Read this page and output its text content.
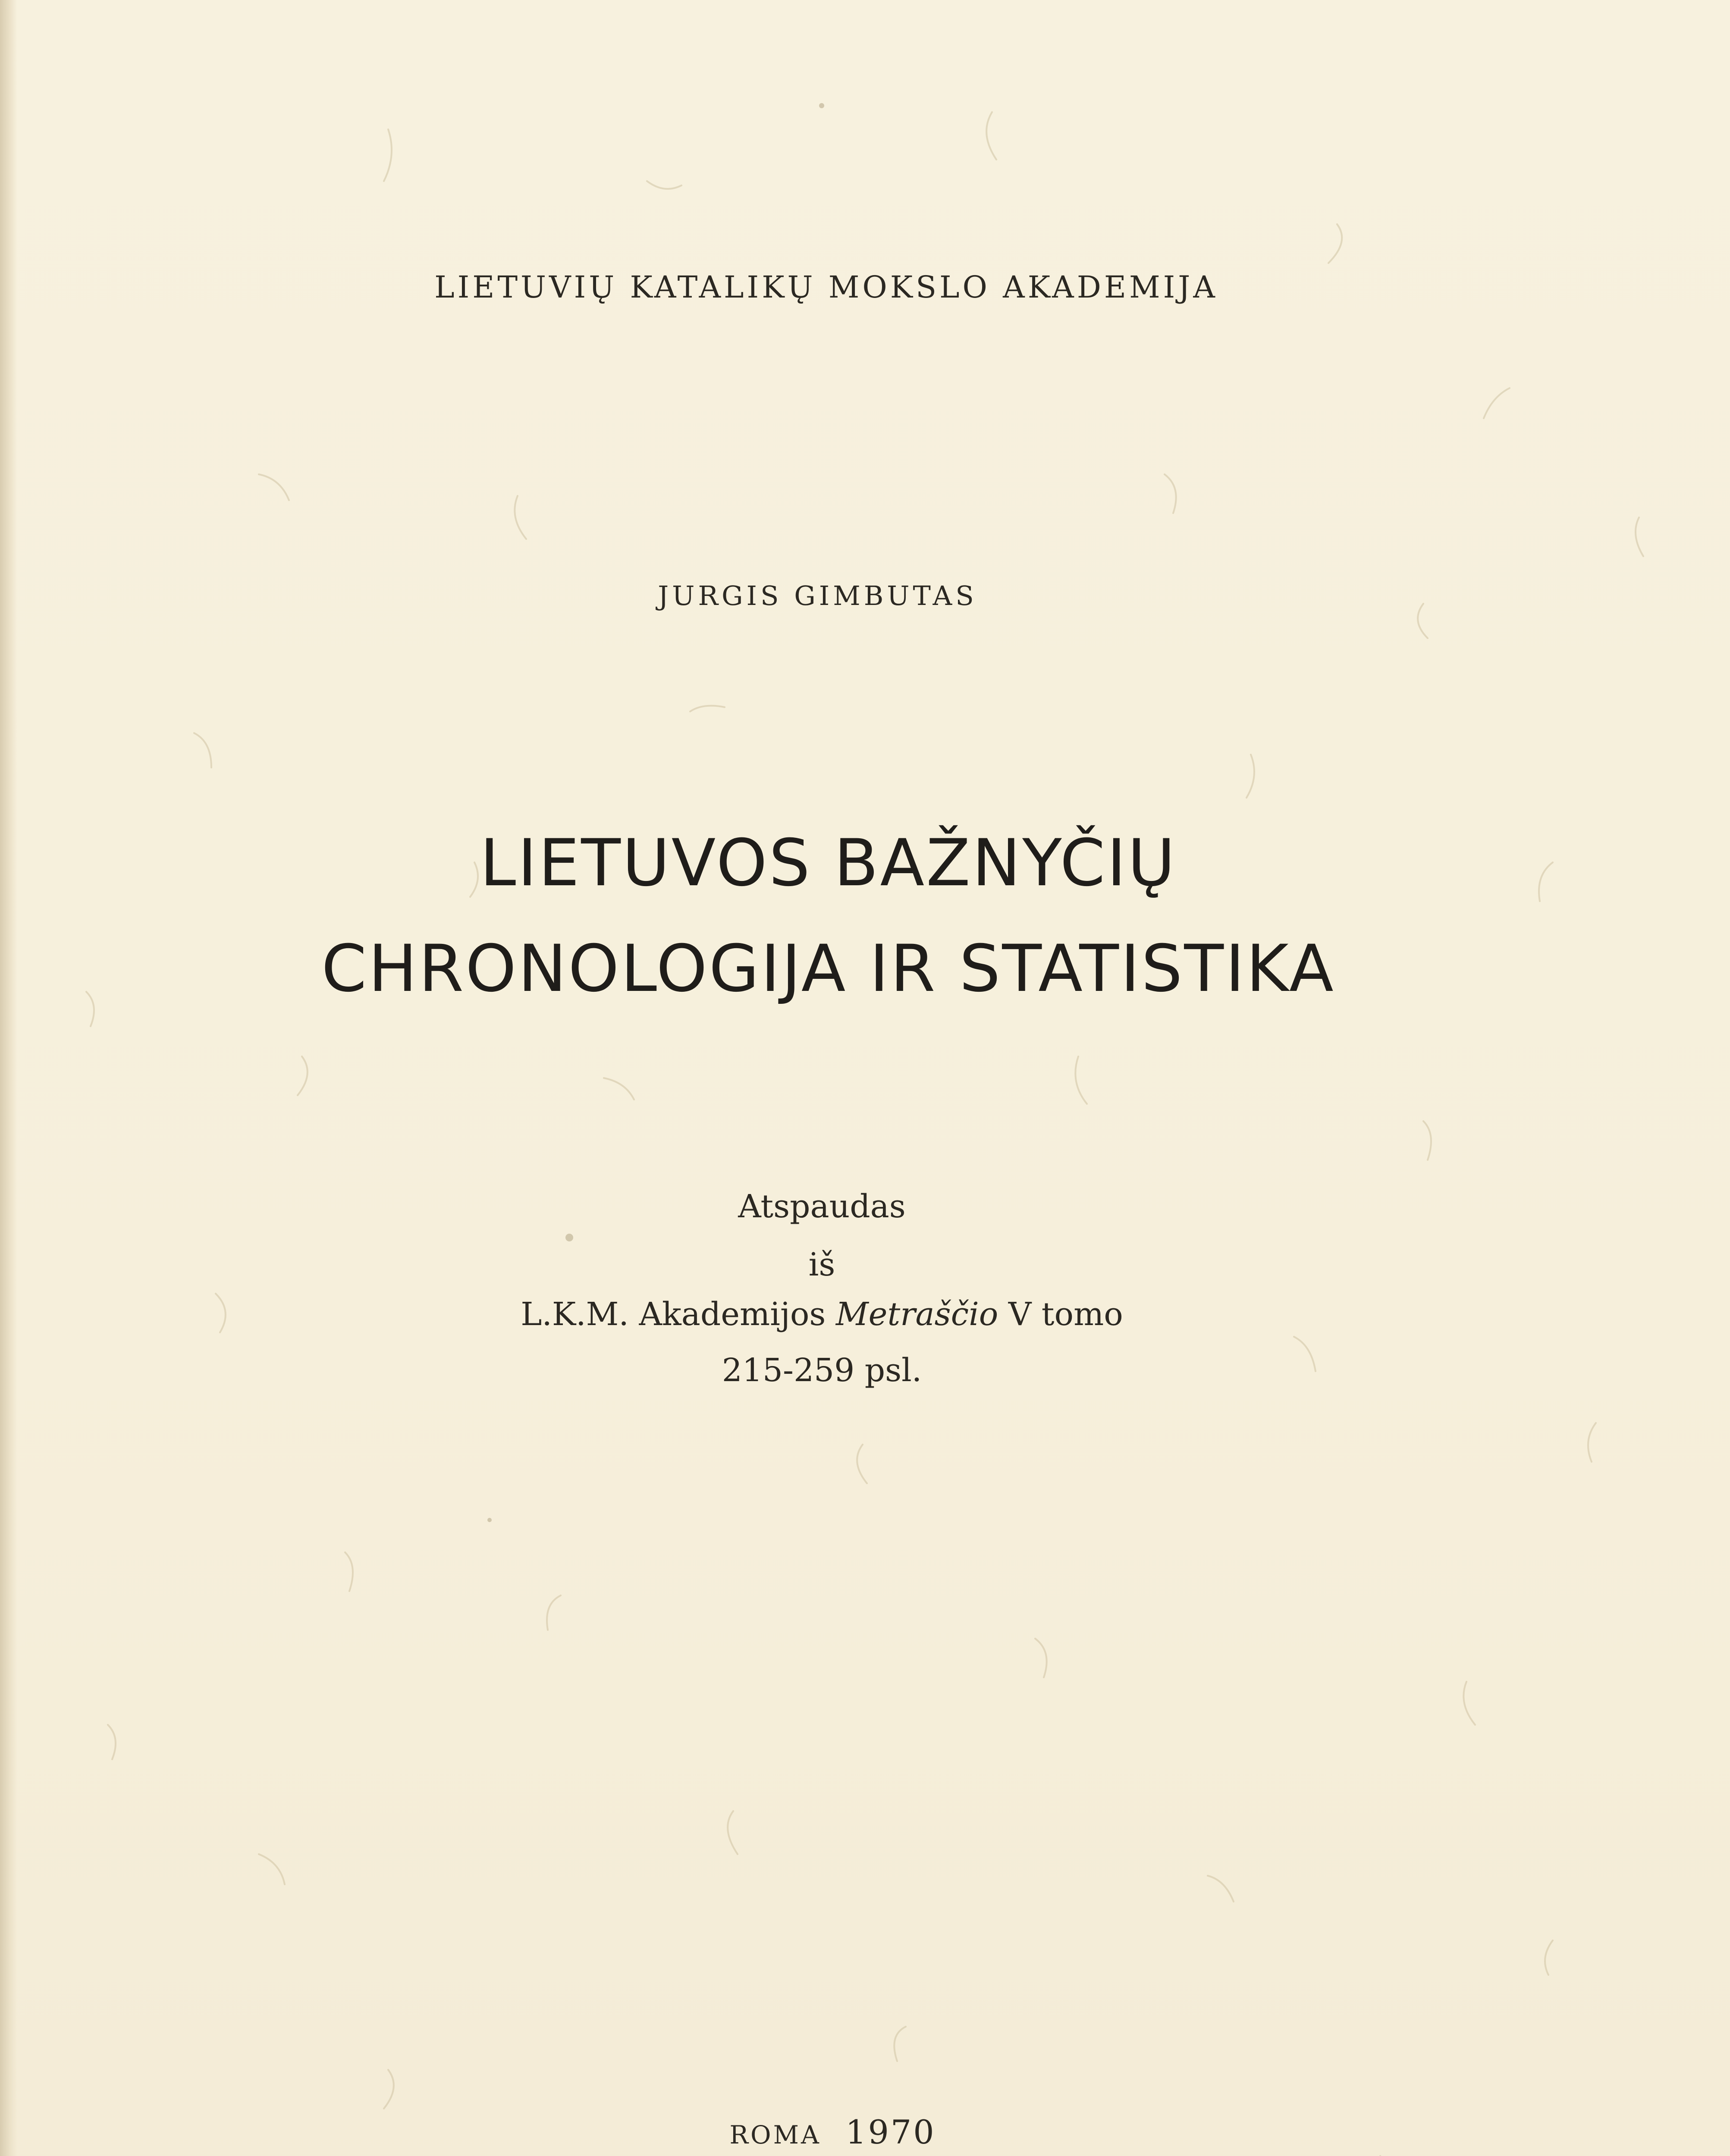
LIETUVIŲ KATALIKŲ MOKSLO AKADEMIJA
JURGIS GIMBUTAS
LIETUVOS BAŽNYČIŲ
CHRONOLOGIJA IR STATISTIKA
Atspaudas
iš
L.K.M. Akademijos Metraščio V tomo
215-259 psl.
ROMA 1970
